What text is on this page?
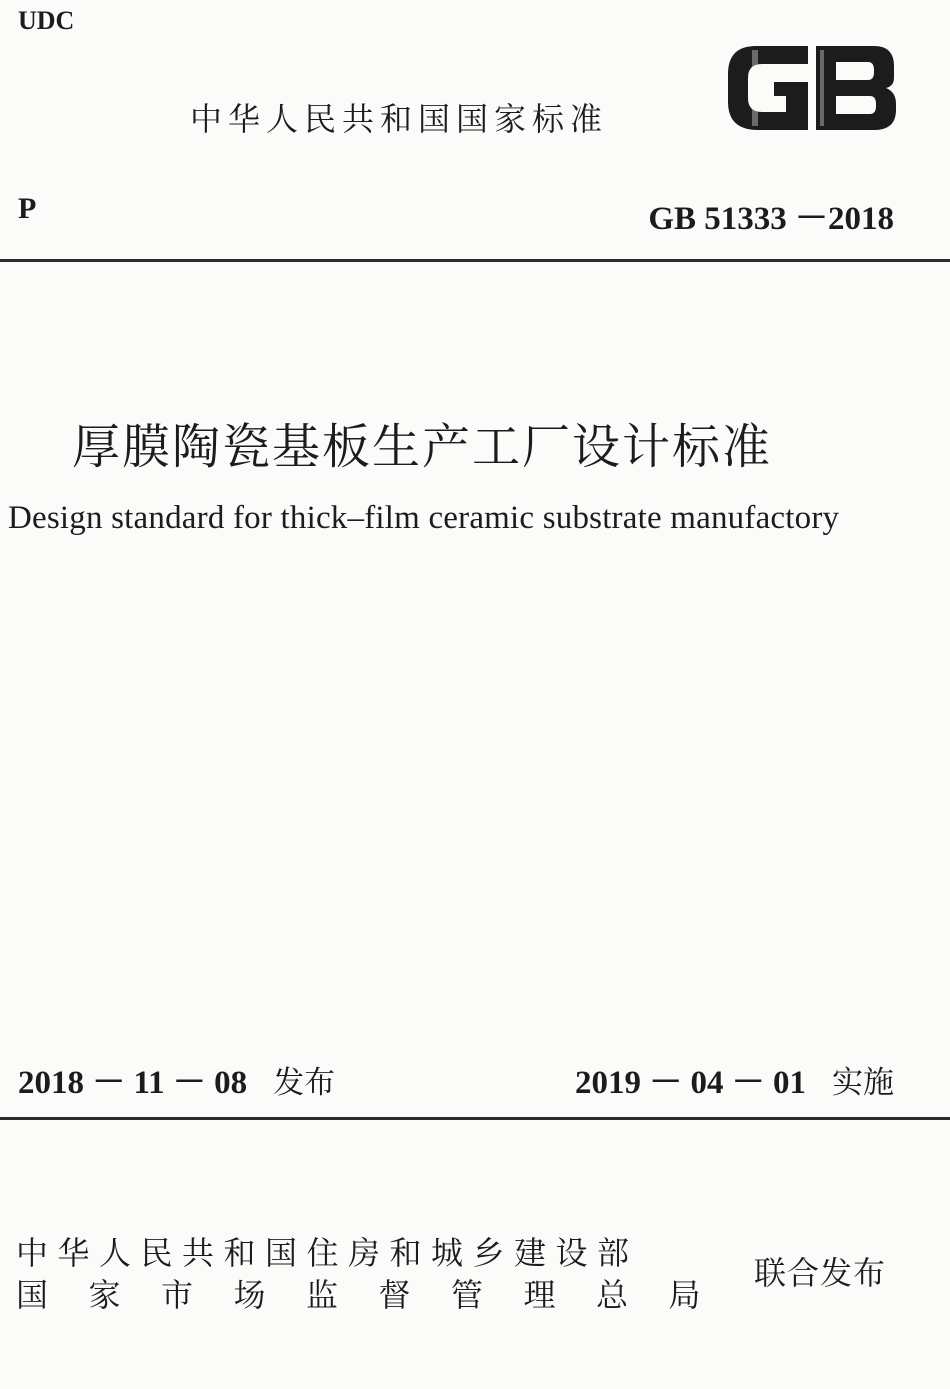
UDC
中华人民共和国国家标准
P	GB 51333 －2018
厚膜陶瓷基板生产工厂设计标准
Design standard for thick–film ceramic substrate manufactory
2018 － 11 － 08 发布	2019 － 04 － 01 实施
中华人民共和国住房和城乡建设部
国家市场监督管理总局
联合发布
